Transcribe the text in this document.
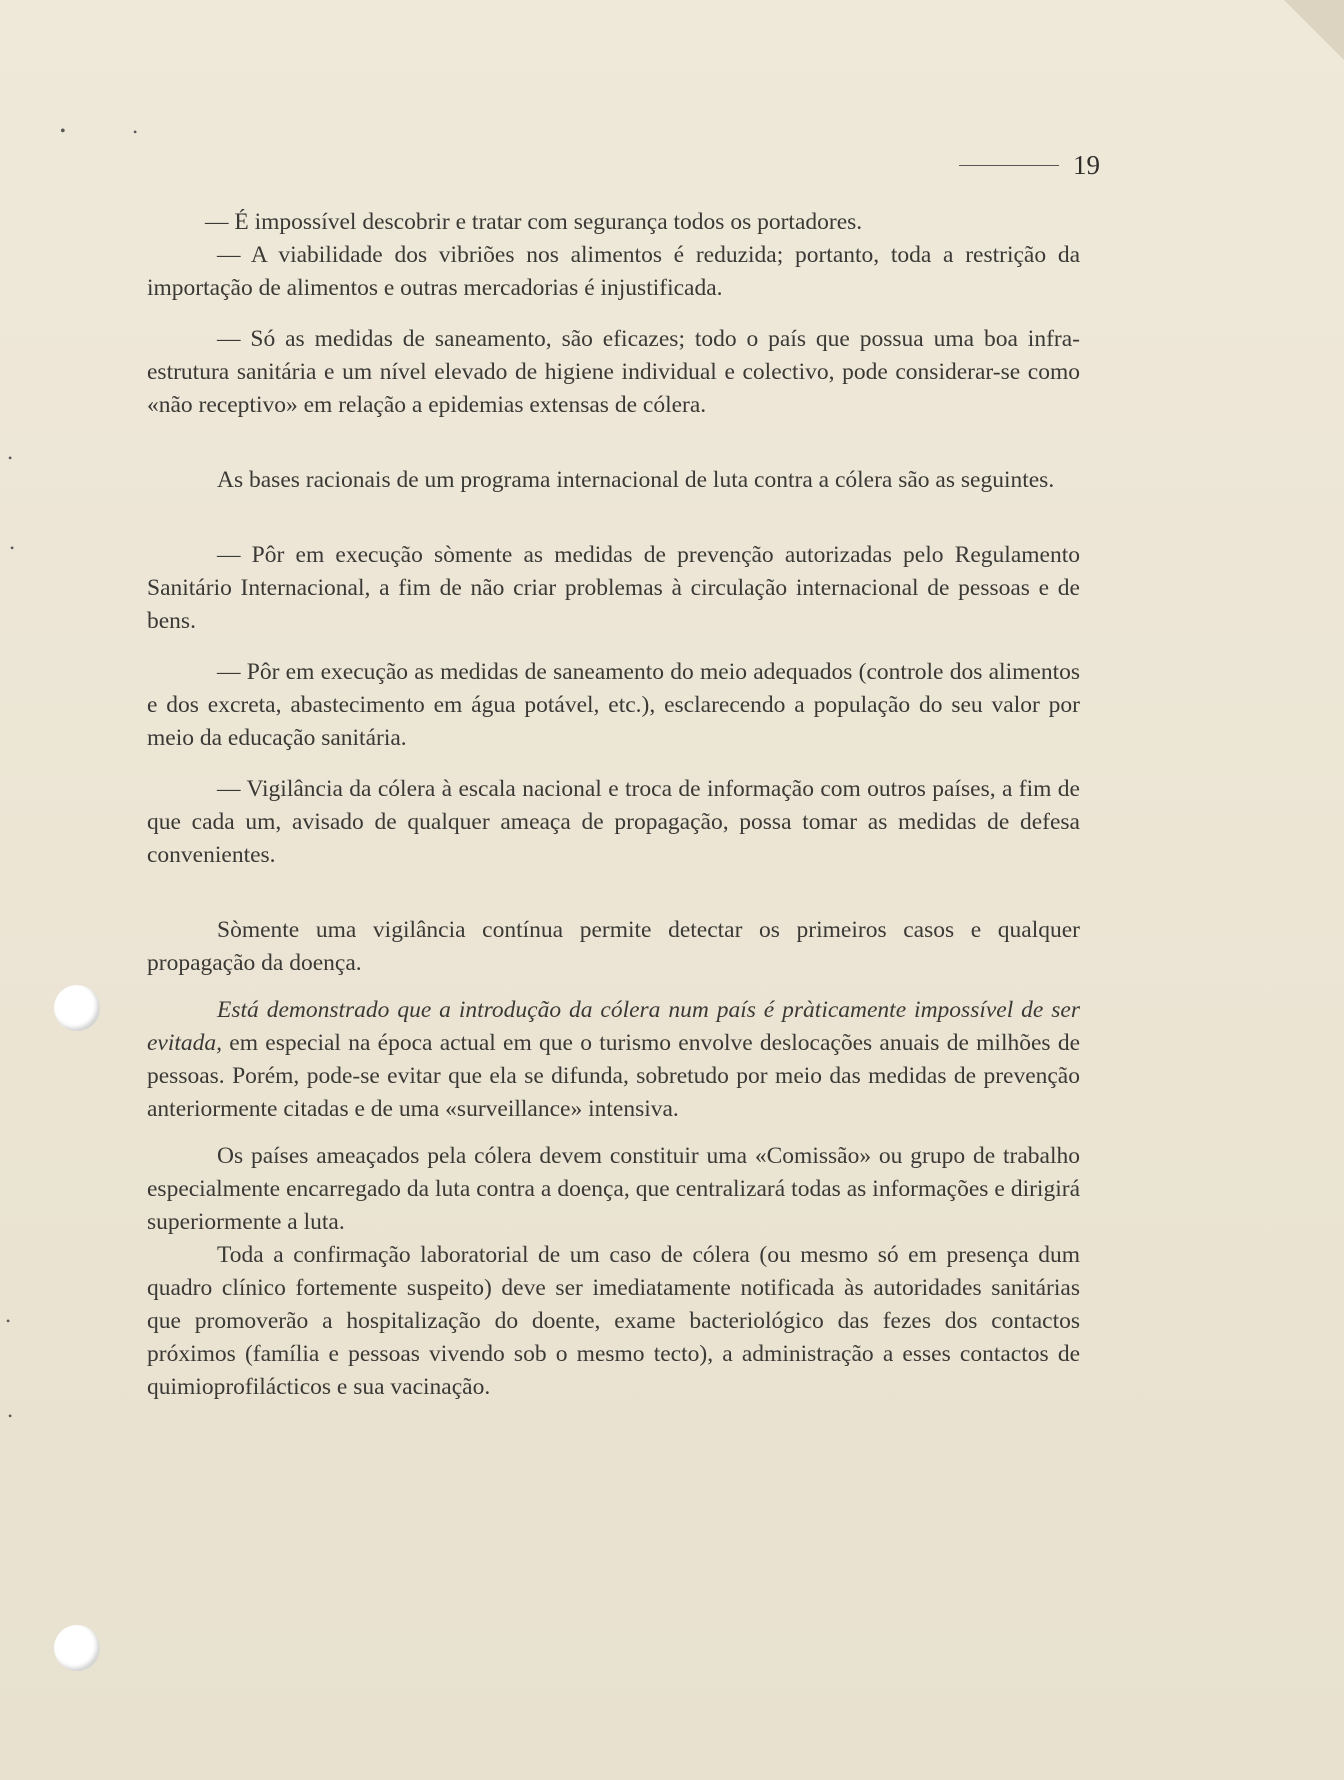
•	•
•
•
•
•
19

— É impossível descobrir e tratar com segurança todos os portadores.

— A viabilidade dos vibriões nos alimentos é reduzida; portanto, toda a restrição da importação de alimentos e outras mercadorias é injustificada.

— Só as medidas de saneamento, são eficazes; todo o país que possua uma boa infra-estrutura sanitária e um nível elevado de higiene individual e colectivo, pode considerar-se como «não receptivo» em relação a epidemias extensas de cólera.

As bases racionais de um programa internacional de luta contra a cólera são as seguintes.

— Pôr em execução sòmente as medidas de prevenção autorizadas pelo Regulamento Sanitário Internacional, a fim de não criar problemas à circulação internacional de pessoas e de bens.

— Pôr em execução as medidas de saneamento do meio adequados (controle dos alimentos e dos excreta, abastecimento em água potável, etc.), esclarecendo a população do seu valor por meio da educação sanitária.

— Vigilância da cólera à escala nacional e troca de informação com outros países, a fim de que cada um, avisado de qualquer ameaça de propagação, possa tomar as medidas de defesa convenientes.

Sòmente uma vigilância contínua permite detectar os primeiros casos e qualquer propagação da doença.

Está demonstrado que a introdução da cólera num país é pràticamente impossível de ser evitada, em especial na época actual em que o turismo envolve deslocações anuais de milhões de pessoas. Porém, pode-se evitar que ela se difunda, sobretudo por meio das medidas de prevenção anteriormente citadas e de uma «surveillance» intensiva.

Os países ameaçados pela cólera devem constituir uma «Comissão» ou grupo de trabalho especialmente encarregado da luta contra a doença, que centralizará todas as informações e dirigirá superiormente a luta.

Toda a confirmação laboratorial de um caso de cólera (ou mesmo só em presença dum quadro clínico fortemente suspeito) deve ser imediatamente notificada às autoridades sanitárias que promoverão a hospitalização do doente, exame bacteriológico das fezes dos contactos próximos (família e pessoas vivendo sob o mesmo tecto), a administração a esses contactos de quimioprofilácticos e sua vacinação.
